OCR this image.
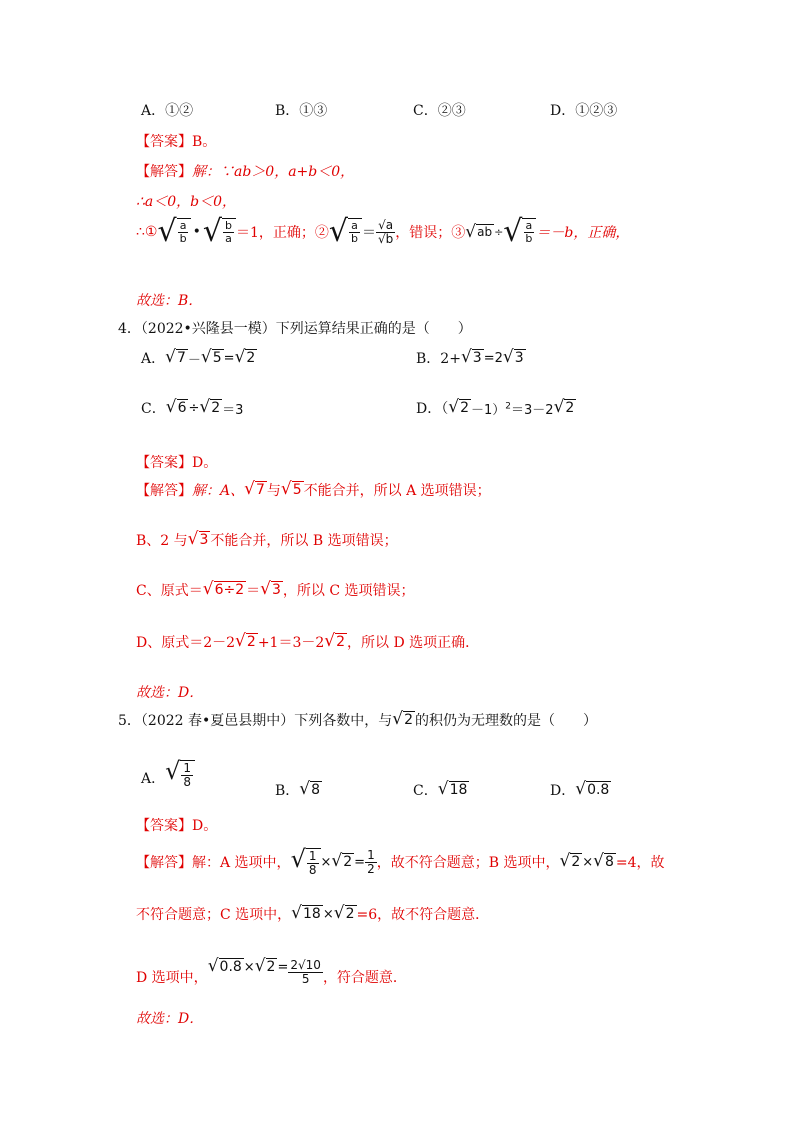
A．①②	B．①③	C．②③	D．①②③
【答案】B。
【解答】解：∵ab＞0，a+b＜0，
∴a＜0，b＜0，
∴① √ $\frac{a}{b}$ • √ $\frac{b}{a} =1$，正确；② √ $\frac{a}{b}$ ＝
√a
√b ，错误；③ √ ab ÷ √ $\frac{a}{b} =-b$，正确，
故选：B．
4．（2022•兴隆县一模）下列运算结果正确的是（　　）
A． √ 7 － √ 5 = √ 2	B．2+ √ 3 =2 √ 3
C． √ 6 ÷ √ 2 ＝3	D．（ √ 2 －1）$^2$＝3－2 √ 2
【答案】D。
【解答】 解：A、 √ 7 与 √ 5 不能合并，所以 A 选项错误；
B、2 与 √ 3 不能合并，所以 B 选项错误；
C、原式＝ √ 6÷2 ＝ √ 3 ，所以 C 选项错误；
D、原式＝2－2 √ 2 +1＝3－2 √ 2 ，所以 D 选项正确．
故选：D．
5．（2022 春•夏邑县期中）下列各数中，与 √ 2 的积仍为无理数的是（　　）
A． √ $\frac{1}{8}$
B． √ 8	C． √ 18	D． √ 0.8
【答案】D。
【解答】 解：A 选项中， √ $\frac{1}{8}$ × √ $2 = \frac{1}{2}$ ，故不符合题意；B 选项中， √ 2 × √ 8 =4，故
不符合题意；C 选项中， √ 18 × √ 2 =6，故不符合题意．
D 选项中，
√ 0.8 × √ $2 = \frac{2√10}{5}$ ，符合题意．
故选：D．
